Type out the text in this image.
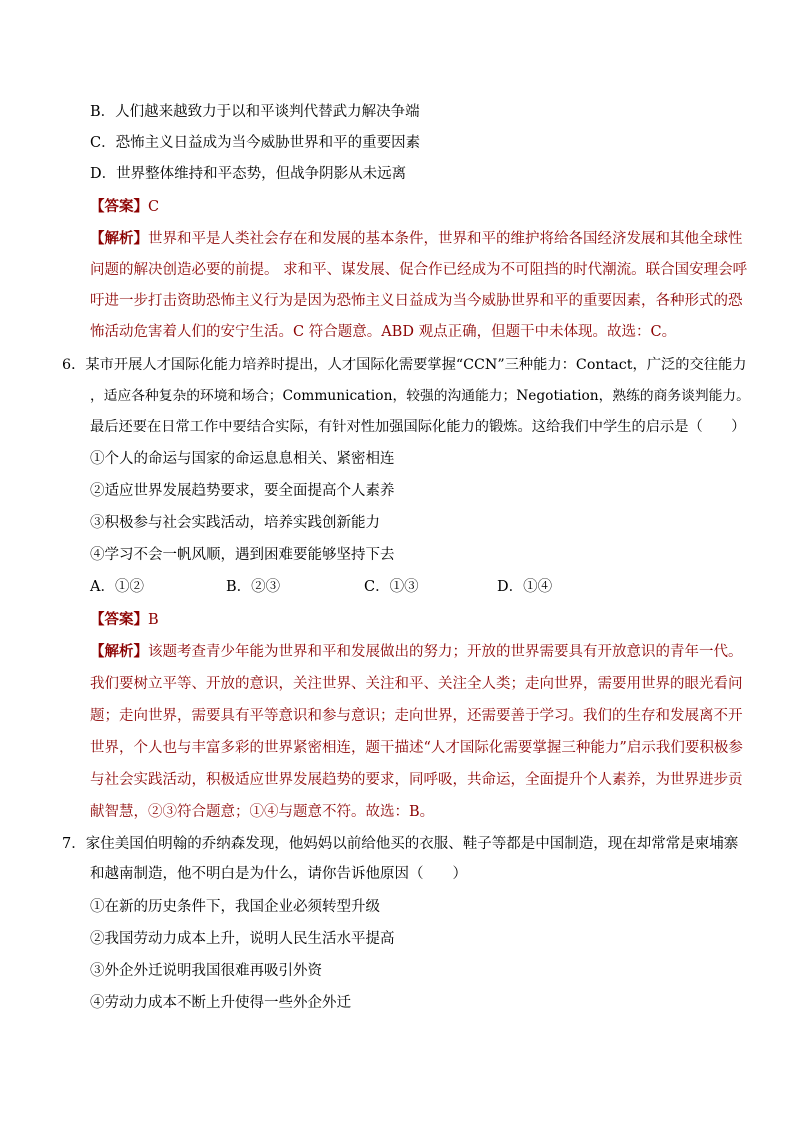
B．人们越来越致力于以和平谈判代替武力解决争端
C．恐怖主义日益成为当今威胁世界和平的重要因素
D．世界整体维持和平态势，但战争阴影从未远离
【答案】C
【解析】世界和平是人类社会存在和发展的基本条件，世界和平的维护将给各国经济发展和其他全球性
问题的解决创造必要的前提。 求和平、谋发展、促合作已经成为不可阻挡的时代潮流。联合国安理会呼
吁进一步打击资助恐怖主义行为是因为恐怖主义日益成为当今威胁世界和平的重要因素，各种形式的恐
怖活动危害着人们的安宁生活。C 符合题意。ABD 观点正确，但题干中未体现。故选：C。
6．某市开展人才国际化能力培养时提出，人才国际化需要掌握“CCN”三种能力：Contact，广泛的交往能力
，适应各种复杂的环境和场合；Communication，较强的沟通能力；Negotiation，熟练的商务谈判能力。
最后还要在日常工作中要结合实际，有针对性加强国际化能力的锻炼。这给我们中学生的启示是（　　）
①个人的命运与国家的命运息息相关、紧密相连
②适应世界发展趋势要求，要全面提高个人素养
③积极参与社会实践活动，培养实践创新能力
④学习不会一帆风顺，遇到困难要能够坚持下去
A．①②	B．②③	C．①③	D．①④
【答案】B
【解析】该题考查青少年能为世界和平和发展做出的努力；开放的世界需要具有开放意识的青年一代。
我们要树立平等、开放的意识，关注世界、关注和平、关注全人类；走向世界，需要用世界的眼光看问
题；走向世界，需要具有平等意识和参与意识；走向世界，还需要善于学习。我们的生存和发展离不开
世界，个人也与丰富多彩的世界紧密相连，题干描述“人才国际化需要掌握三种能力”启示我们要积极参
与社会实践活动，积极适应世界发展趋势的要求，同呼吸，共命运，全面提升个人素养，为世界进步贡
献智慧，②③符合题意；①④与题意不符。故选：B。
7．家住美国伯明翰的乔纳森发现，他妈妈以前给他买的衣服、鞋子等都是中国制造，现在却常常是柬埔寨
和越南制造，他不明白是为什么，请你告诉他原因（　　）
①在新的历史条件下，我国企业必须转型升级
②我国劳动力成本上升，说明人民生活水平提高
③外企外迁说明我国很难再吸引外资
④劳动力成本不断上升使得一些外企外迁
